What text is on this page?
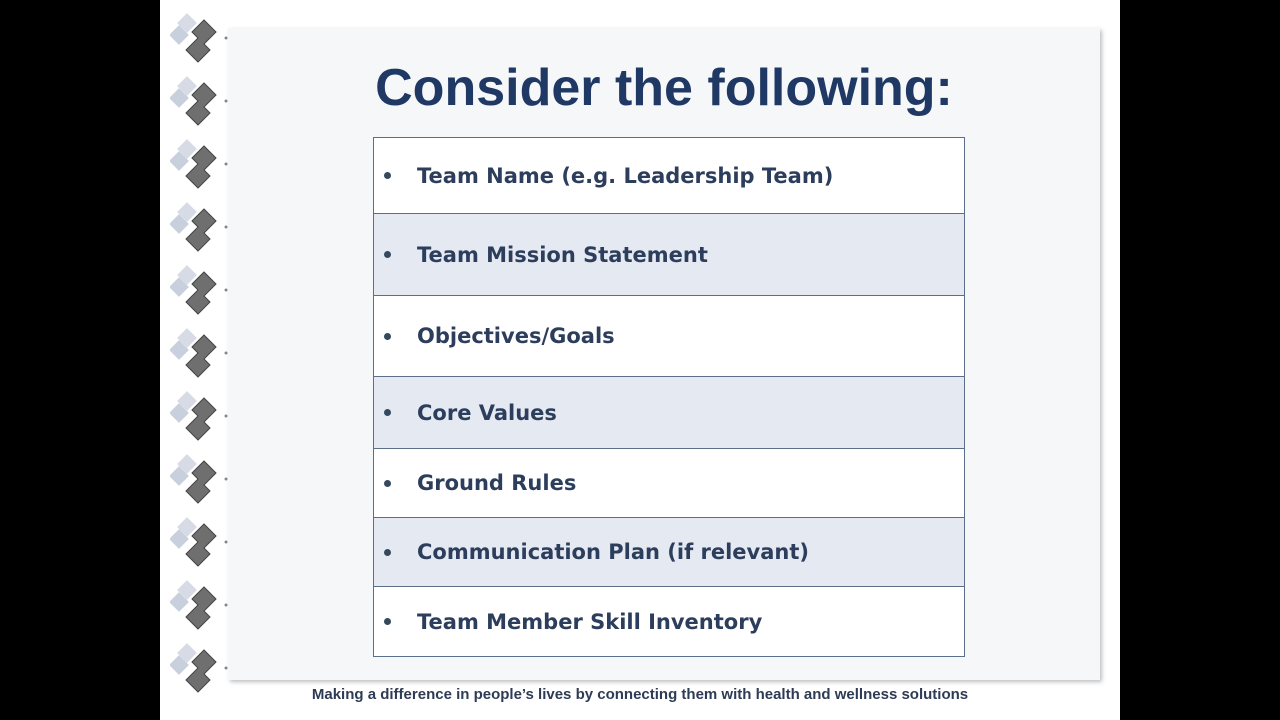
Consider the following:
Team Name (e.g. Leadership Team)
Team Mission Statement
Objectives/Goals
Core Values
Ground Rules
Communication Plan (if relevant)
Team Member Skill Inventory
Making a difference in people’s lives by connecting them with health and wellness solutions
